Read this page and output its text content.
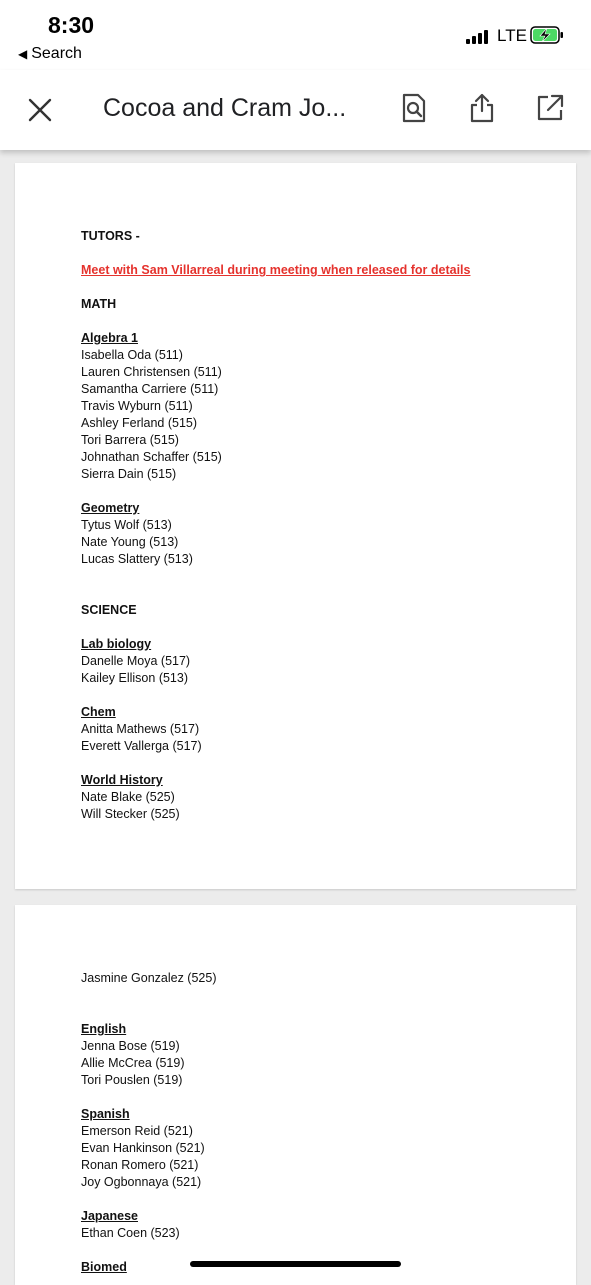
8:30
◀ Search
LTE
Cocoa and Cram Jo...
TUTORS -
Meet with Sam Villarreal during meeting when released for details
MATH
Algebra 1
Isabella Oda (511)
Lauren Christensen (511)
Samantha Carriere (511)
Travis Wyburn (511)
Ashley Ferland (515)
Tori Barrera (515)
Johnathan Schaffer (515)
Sierra Dain (515)
Geometry
Tytus Wolf (513)
Nate Young (513)
Lucas Slattery (513)
SCIENCE
Lab biology
Danelle Moya (517)
Kailey Ellison (513)
Chem
Anitta Mathews (517)
Everett Vallerga (517)
World History
Nate Blake (525)
Will Stecker (525)
Jasmine Gonzalez (525)
English
Jenna Bose (519)
Allie McCrea (519)
Tori Pouslen (519)
Spanish
Emerson Reid (521)
Evan Hankinson (521)
Ronan Romero (521)
Joy Ogbonnaya (521)
Japanese
Ethan Coen (523)
Biomed
